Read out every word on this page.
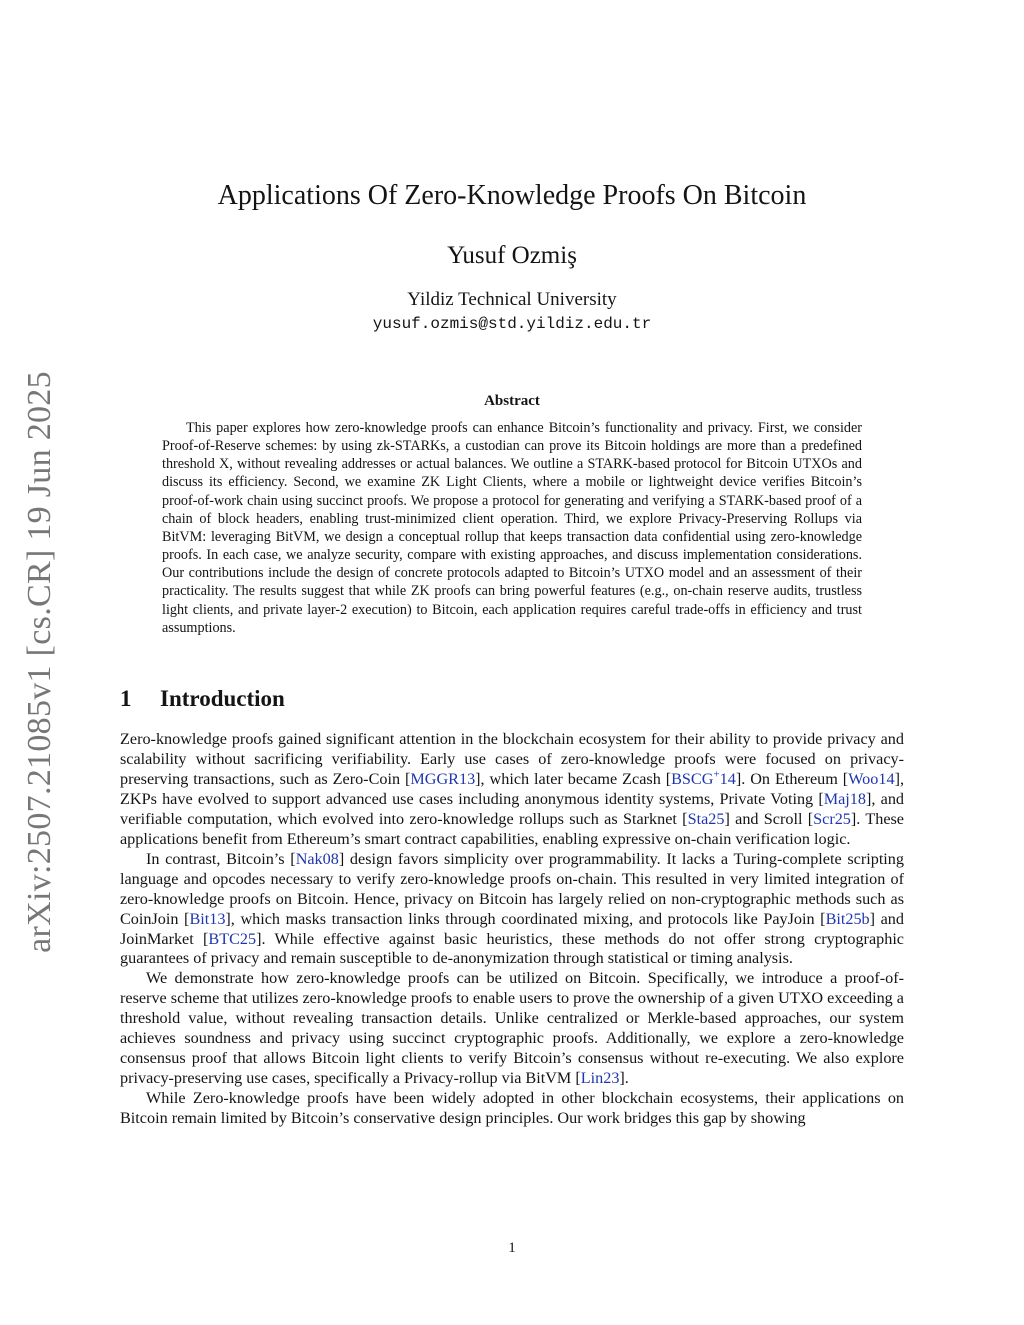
arXiv:2507.21085v1 [cs.CR] 19 Jun 2025
Applications Of Zero-Knowledge Proofs On Bitcoin
Yusuf Ozmiş
Yildiz Technical University
yusuf.ozmis@std.yildiz.edu.tr
Abstract

This paper explores how zero-knowledge proofs can enhance Bitcoin’s functionality and privacy. First, we consider Proof-of-Reserve schemes: by using zk-STARKs, a custodian can prove its Bitcoin holdings are more than a predefined threshold X, without revealing addresses or actual balances. We outline a STARK-based protocol for Bitcoin UTXOs and discuss its efficiency. Second, we examine ZK Light Clients, where a mobile or lightweight device verifies Bitcoin’s proof-of-work chain using succinct proofs. We propose a protocol for generating and verifying a STARK-based proof of a chain of block headers, enabling trust-minimized client operation. Third, we explore Privacy-Preserving Rollups via BitVM: leveraging BitVM, we design a conceptual rollup that keeps transaction data confidential using zero-knowledge proofs. In each case, we analyze security, compare with existing approaches, and discuss implementation considerations. Our contributions include the design of concrete protocols adapted to Bitcoin’s UTXO model and an assessment of their practicality. The results suggest that while ZK proofs can bring powerful features (e.g., on-chain reserve audits, trustless light clients, and private layer-2 execution) to Bitcoin, each application requires careful trade-offs in efficiency and trust assumptions.

1 Introduction

Zero-knowledge proofs gained significant attention in the blockchain ecosystem for their ability to provide privacy and scalability without sacrificing verifiability. Early use cases of zero-knowledge proofs were focused on privacy-preserving transactions, such as Zero-Coin [MGGR13], which later became Zcash [BSCG+14]. On Ethereum [Woo14], ZKPs have evolved to support advanced use cases including anonymous identity systems, Private Voting [Maj18], and verifiable computation, which evolved into zero-knowledge rollups such as Starknet [Sta25] and Scroll [Scr25]. These applications benefit from Ethereum’s smart contract capabilities, enabling expressive on-chain verification logic.

In contrast, Bitcoin’s [Nak08] design favors simplicity over programmability. It lacks a Turing-complete scripting language and opcodes necessary to verify zero-knowledge proofs on-chain. This resulted in very limited integration of zero-knowledge proofs on Bitcoin. Hence, privacy on Bitcoin has largely relied on non-cryptographic methods such as CoinJoin [Bit13], which masks transaction links through coordinated mixing, and protocols like PayJoin [Bit25b] and JoinMarket [BTC25]. While effective against basic heuristics, these methods do not offer strong cryptographic guarantees of privacy and remain susceptible to de-anonymization through statistical or timing analysis.

We demonstrate how zero-knowledge proofs can be utilized on Bitcoin. Specifically, we introduce a proof-of-reserve scheme that utilizes zero-knowledge proofs to enable users to prove the ownership of a given UTXO exceeding a threshold value, without revealing transaction details. Unlike centralized or Merkle-based approaches, our system achieves soundness and privacy using succinct cryptographic proofs. Additionally, we explore a zero-knowledge consensus proof that allows Bitcoin light clients to verify Bitcoin’s consensus without re-executing. We also explore privacy-preserving use cases, specifically a Privacy-rollup via BitVM [Lin23].

While Zero-knowledge proofs have been widely adopted in other blockchain ecosystems, their applications on Bitcoin remain limited by Bitcoin’s conservative design principles. Our work bridges this gap by showing

1
